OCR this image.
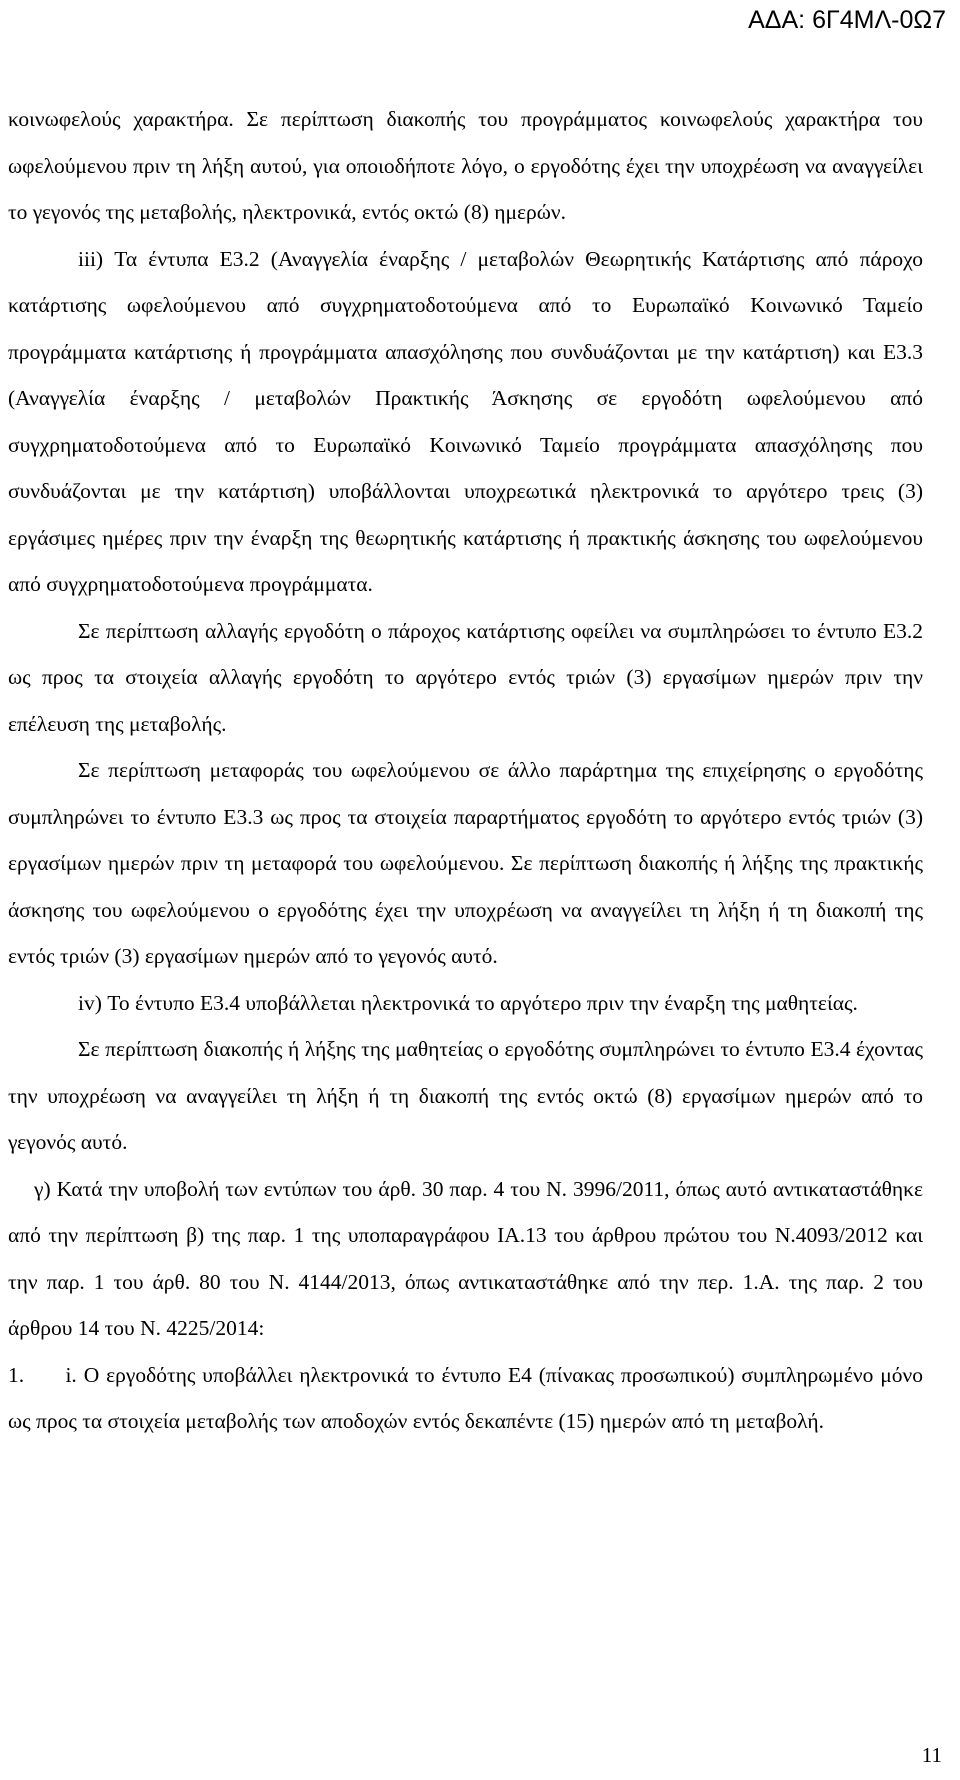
ΑΔΑ: 6Γ4ΜΛ-0Ω7

κοινωφελούς χαρακτήρα. Σε περίπτωση διακοπής του προγράμματος κοινωφελούς χαρακτήρα του ωφελούμενου πριν τη λήξη αυτού, για οποιοδήποτε λόγο, ο εργοδότης έχει την υποχρέωση να αναγγείλει το γεγονός της μεταβολής, ηλεκτρονικά, εντός οκτώ (8) ημερών.

iii) Τα έντυπα Ε3.2 (Αναγγελία έναρξης / μεταβολών Θεωρητικής Κατάρτισης από πάροχο κατάρτισης ωφελούμενου από συγχρηματοδοτούμενα από το Ευρωπαϊκό Κοινωνικό Ταμείο προγράμματα κατάρτισης ή προγράμματα απασχόλησης που συνδυάζονται με την κατάρτιση) και Ε3.3 (Αναγγελία έναρξης / μεταβολών Πρακτικής Άσκησης σε εργοδότη ωφελούμενου από συγχρηματοδοτούμενα από το Ευρωπαϊκό Κοινωνικό Ταμείο προγράμματα απασχόλησης που συνδυάζονται με την κατάρτιση) υποβάλλονται υποχρεωτικά ηλεκτρονικά το αργότερο τρεις (3) εργάσιμες ημέρες πριν την έναρξη της θεωρητικής κατάρτισης ή πρακτικής άσκησης του ωφελούμενου από συγχρηματοδοτούμενα προγράμματα.

Σε περίπτωση αλλαγής εργοδότη ο πάροχος κατάρτισης οφείλει να συμπληρώσει το έντυπο Ε3.2 ως προς τα στοιχεία αλλαγής εργοδότη το αργότερο εντός τριών (3) εργασίμων ημερών πριν την επέλευση της μεταβολής.

Σε περίπτωση μεταφοράς του ωφελούμενου σε άλλο παράρτημα της επιχείρησης ο εργοδότης συμπληρώνει το έντυπο Ε3.3 ως προς τα στοιχεία παραρτήματος εργοδότη το αργότερο εντός τριών (3) εργασίμων ημερών πριν τη μεταφορά του ωφελούμενου. Σε περίπτωση διακοπής ή λήξης της πρακτικής άσκησης του ωφελούμενου ο εργοδότης έχει την υποχρέωση να αναγγείλει τη λήξη ή τη διακοπή της εντός τριών (3) εργασίμων ημερών από το γεγονός αυτό.

iv) Το έντυπο Ε3.4 υποβάλλεται ηλεκτρονικά το αργότερο πριν την έναρξη της μαθητείας.

Σε περίπτωση διακοπής ή λήξης της μαθητείας ο εργοδότης συμπληρώνει το έντυπο Ε3.4 έχοντας την υποχρέωση να αναγγείλει τη λήξη ή τη διακοπή της εντός οκτώ (8) εργασίμων ημερών από το γεγονός αυτό.

γ) Κατά την υποβολή των εντύπων του άρθ. 30 παρ. 4 του Ν. 3996/2011, όπως αυτό αντικαταστάθηκε από την περίπτωση β) της παρ. 1 της υποπαραγράφου ΙΑ.13 του άρθρου πρώτου του Ν.4093/2012 και την παρ. 1 του άρθ. 80 του Ν. 4144/2013, όπως αντικαταστάθηκε από την περ. 1.Α. της παρ. 2 του άρθρου 14 του Ν. 4225/2014:

1. i. Ο εργοδότης υποβάλλει ηλεκτρονικά το έντυπο Ε4 (πίνακας προσωπικού) συμπληρωμένο μόνο ως προς τα στοιχεία μεταβολής των αποδοχών εντός δεκαπέντε (15) ημερών από τη μεταβολή.

11
